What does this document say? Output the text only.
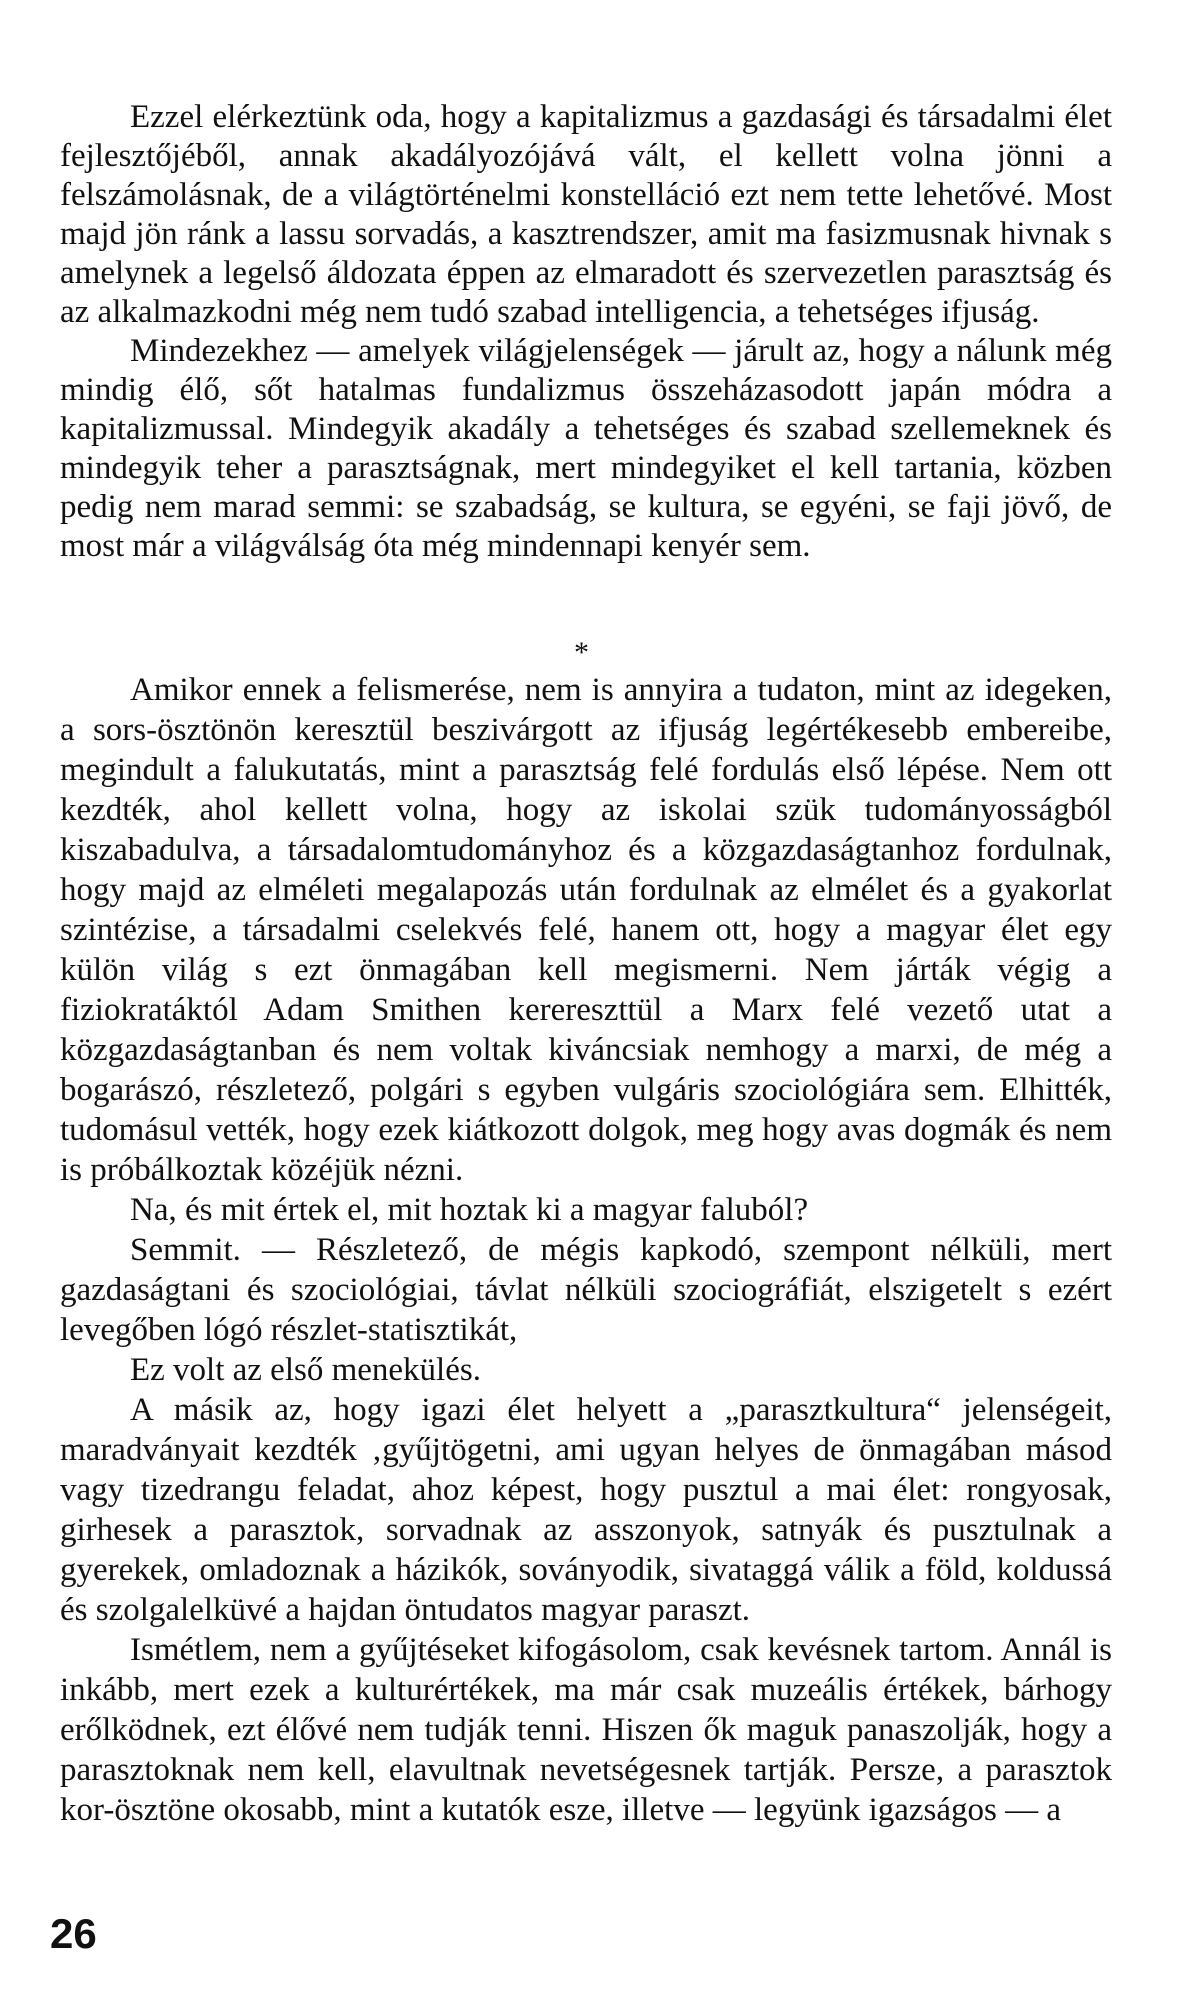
Ezzel elérkeztünk oda, hogy a kapitalizmus a gazdasági és társadalmi élet fejlesztőjéből, annak akadályozójává vált, el kellett volna jönni a felszámolásnak, de a világtörténelmi konstelláció ezt nem tette lehetővé. Most majd jön ránk a lassu sorvadás, a kasztrendszer, amit ma fasizmusnak hivnak s amelynek a legelső áldozata éppen az elmaradott és szervezetlen parasztság és az alkalmazkodni még nem tudó szabad intelligencia, a tehetséges ifjuság.

Mindezekhez — amelyek világjelenségek — járult az, hogy a nálunk még mindig élő, sőt hatalmas fundalizmus összeházasodott japán módra a kapitalizmussal. Mindegyik akadály a tehetséges és szabad szellemeknek és mindegyik teher a parasztságnak, mert mindegyiket el kell tartania, közben pedig nem marad semmi: se szabadság, se kultura, se egyéni, se faji jövő, de most már a világválság óta még mindennapi kenyér sem.

*

Amikor ennek a felismerése, nem is annyira a tudaton, mint az idegeken, a sors-ösztönön keresztül beszivárgott az ifjuság legértékesebb embereibe, megindult a falukutatás, mint a parasztság felé fordulás első lépése. Nem ott kezdték, ahol kellett volna, hogy az iskolai szük tudományosságból kiszabadulva, a társadalomtudományhoz és a közgazdaságtanhoz fordulnak, hogy majd az elméleti megalapozás után fordulnak az elmélet és a gyakorlat szintézise, a társadalmi cselekvés felé, hanem ott, hogy a magyar élet egy külön világ s ezt önmagában kell megismerni. Nem járták végig a fiziokratáktól Adam Smithen kerereszttül a Marx felé vezető utat a közgazdaságtanban és nem voltak kiváncsiak nemhogy a marxi, de még a bogarászó, részletező, polgári s egyben vulgáris szociológiára sem. Elhitték, tudomásul vették, hogy ezek kiátkozott dolgok, meg hogy avas dogmák és nem is próbálkoztak közéjük nézni.

Na, és mit értek el, mit hoztak ki a magyar faluból?

Semmit. — Részletező, de mégis kapkodó, szempont nélküli, mert gazdaságtani és szociológiai, távlat nélküli szociográfiát, elszigetelt s ezért levegőben lógó részlet-statisztikát,

Ez volt az első menekülés.

A másik az, hogy igazi élet helyett a „parasztkultura“ jelenségeit, maradványait kezdték ‚gyűjtögetni, ami ugyan helyes de önmagában másod vagy tizedrangu feladat, ahoz képest, hogy pusztul a mai élet: rongyosak, girhesek a parasztok, sorvadnak az asszonyok, satnyák és pusztulnak a gyerekek, omladoznak a házikók, soványodik, sivataggá válik a föld, koldussá és szolgalelküvé a hajdan öntudatos magyar paraszt.

Ismétlem, nem a gyűjtéseket kifogásolom, csak kevésnek tartom. Annál is inkább, mert ezek a kulturértékek, ma már csak muzeális értékek, bárhogy erőlködnek, ezt élővé nem tudják tenni. Hiszen ők maguk panaszolják, hogy a parasztoknak nem kell, elavultnak nevetségesnek tartják. Persze, a parasztok kor-ösztöne okosabb, mint a kutatók esze, illetve — legyünk igazságos — a

26
